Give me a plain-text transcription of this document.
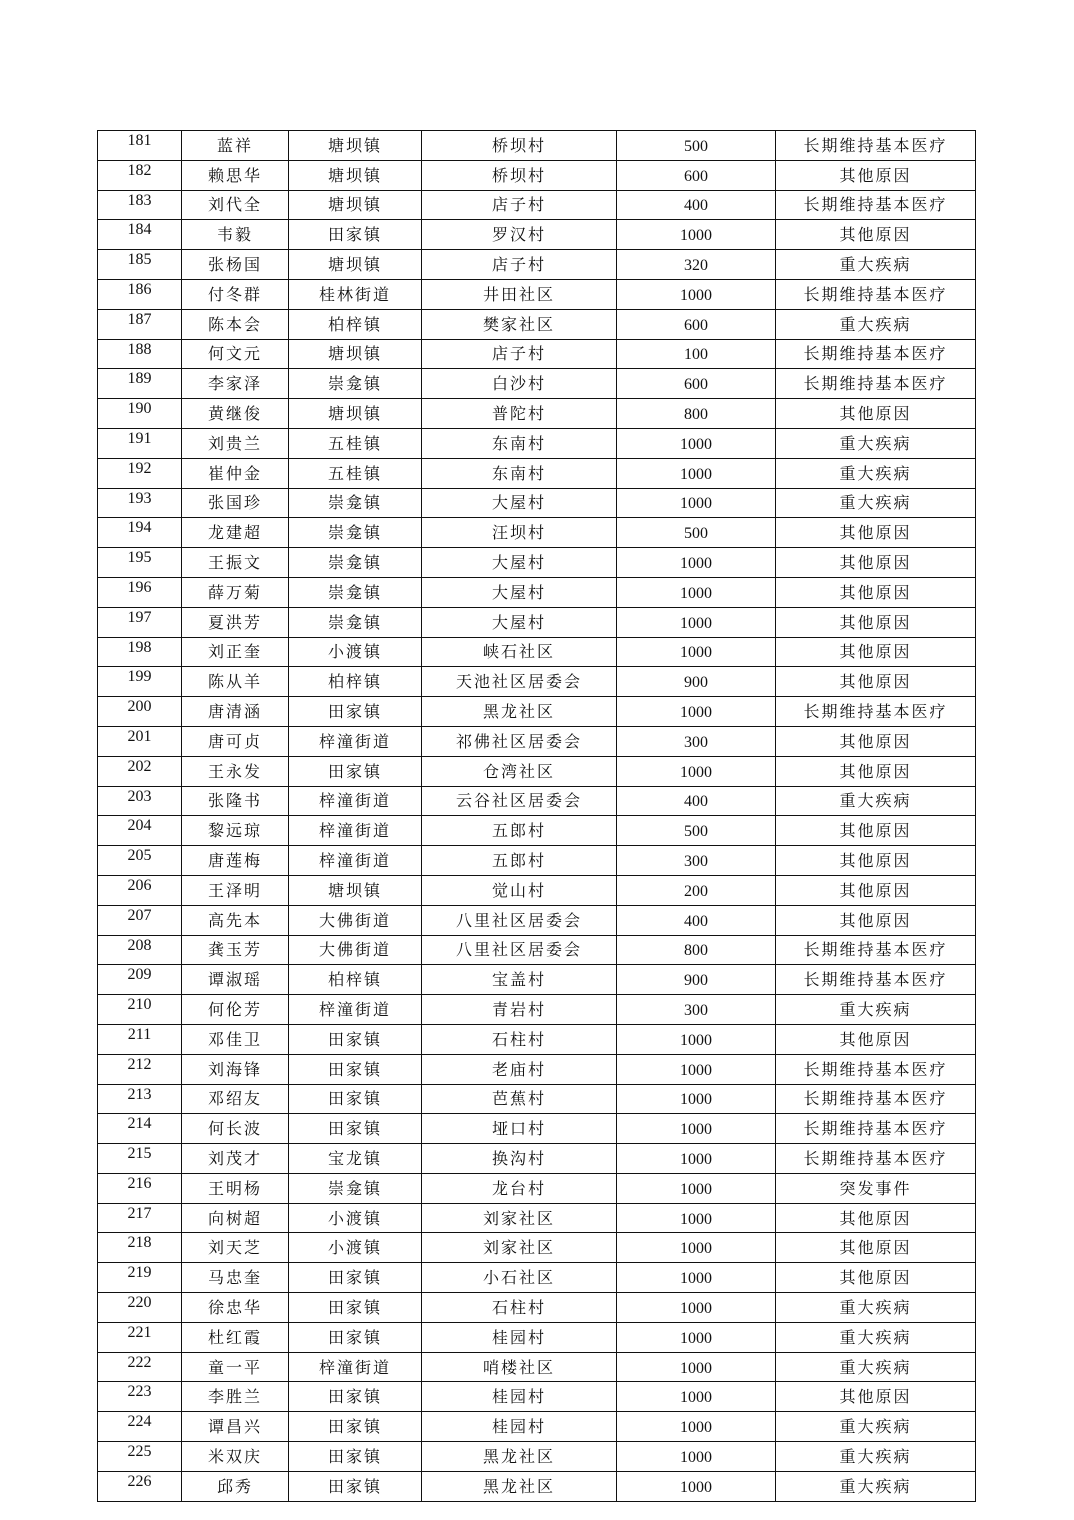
181	蓝祥	塘坝镇	桥坝村	500	长期维持基本医疗
182	赖思华	塘坝镇	桥坝村	600	其他原因
183	刘代全	塘坝镇	店子村	400	长期维持基本医疗
184	韦毅	田家镇	罗汉村	1000	其他原因
185	张杨国	塘坝镇	店子村	320	重大疾病
186	付冬群	桂林街道	井田社区	1000	长期维持基本医疗
187	陈本会	柏梓镇	樊家社区	600	重大疾病
188	何文元	塘坝镇	店子村	100	长期维持基本医疗
189	李家泽	崇龛镇	白沙村	600	长期维持基本医疗
190	黄继俊	塘坝镇	普陀村	800	其他原因
191	刘贵兰	五桂镇	东南村	1000	重大疾病
192	崔仲金	五桂镇	东南村	1000	重大疾病
193	张国珍	崇龛镇	大屋村	1000	重大疾病
194	龙建超	崇龛镇	汪坝村	500	其他原因
195	王振文	崇龛镇	大屋村	1000	其他原因
196	薛万菊	崇龛镇	大屋村	1000	其他原因
197	夏洪芳	崇龛镇	大屋村	1000	其他原因
198	刘正奎	小渡镇	峡石社区	1000	其他原因
199	陈从羊	柏梓镇	天池社区居委会	900	其他原因
200	唐清涵	田家镇	黑龙社区	1000	长期维持基本医疗
201	唐可贞	梓潼街道	祁佛社区居委会	300	其他原因
202	王永发	田家镇	仓湾社区	1000	其他原因
203	张隆书	梓潼街道	云谷社区居委会	400	重大疾病
204	黎远琼	梓潼街道	五郎村	500	其他原因
205	唐莲梅	梓潼街道	五郎村	300	其他原因
206	王泽明	塘坝镇	觉山村	200	其他原因
207	高先本	大佛街道	八里社区居委会	400	其他原因
208	龚玉芳	大佛街道	八里社区居委会	800	长期维持基本医疗
209	谭淑瑶	柏梓镇	宝盖村	900	长期维持基本医疗
210	何伦芳	梓潼街道	青岩村	300	重大疾病
211	邓佳卫	田家镇	石柱村	1000	其他原因
212	刘海锋	田家镇	老庙村	1000	长期维持基本医疗
213	邓绍友	田家镇	芭蕉村	1000	长期维持基本医疗
214	何长波	田家镇	垭口村	1000	长期维持基本医疗
215	刘茂才	宝龙镇	换沟村	1000	长期维持基本医疗
216	王明杨	崇龛镇	龙台村	1000	突发事件
217	向树超	小渡镇	刘家社区	1000	其他原因
218	刘天芝	小渡镇	刘家社区	1000	其他原因
219	马忠奎	田家镇	小石社区	1000	其他原因
220	徐忠华	田家镇	石柱村	1000	重大疾病
221	杜红霞	田家镇	桂园村	1000	重大疾病
222	童一平	梓潼街道	哨楼社区	1000	重大疾病
223	李胜兰	田家镇	桂园村	1000	其他原因
224	谭昌兴	田家镇	桂园村	1000	重大疾病
225	米双庆	田家镇	黑龙社区	1000	重大疾病
226	邱秀	田家镇	黑龙社区	1000	重大疾病
